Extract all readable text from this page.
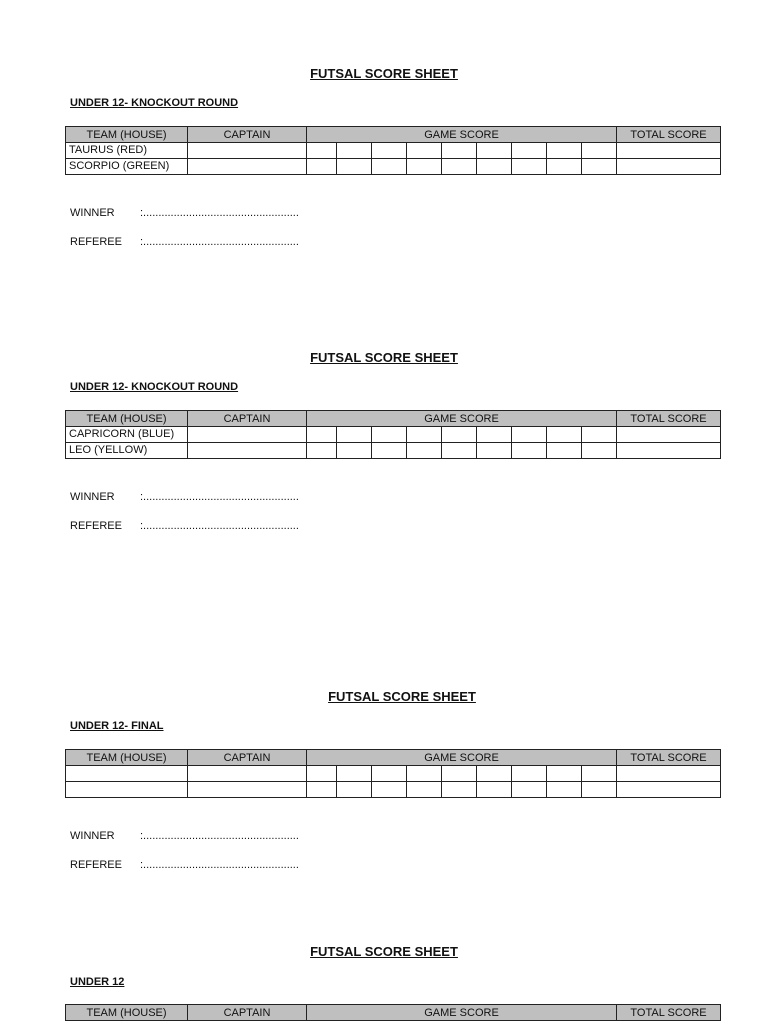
FUTSAL SCORE SHEET
UNDER 12- KNOCKOUT ROUND
TEAM (HOUSE)	CAPTAIN	GAME SCORE									TOTAL SCORE
TAURUS (RED)											
SCORPIO (GREEN)											
WINNER :...................................................
REFEREE :...................................................
FUTSAL SCORE SHEET
UNDER 12- KNOCKOUT ROUND
TEAM (HOUSE)	CAPTAIN	GAME SCORE									TOTAL SCORE
CAPRICORN (BLUE)											
LEO (YELLOW)											
WINNER :...................................................
REFEREE :...................................................
FUTSAL SCORE SHEET
UNDER 12- FINAL
TEAM (HOUSE)	CAPTAIN	GAME SCORE									TOTAL SCORE

WINNER :...................................................
REFEREE :...................................................
FUTSAL SCORE SHEET
UNDER 12
TEAM (HOUSE)	CAPTAIN	GAME SCORE	TOTAL SCORE
